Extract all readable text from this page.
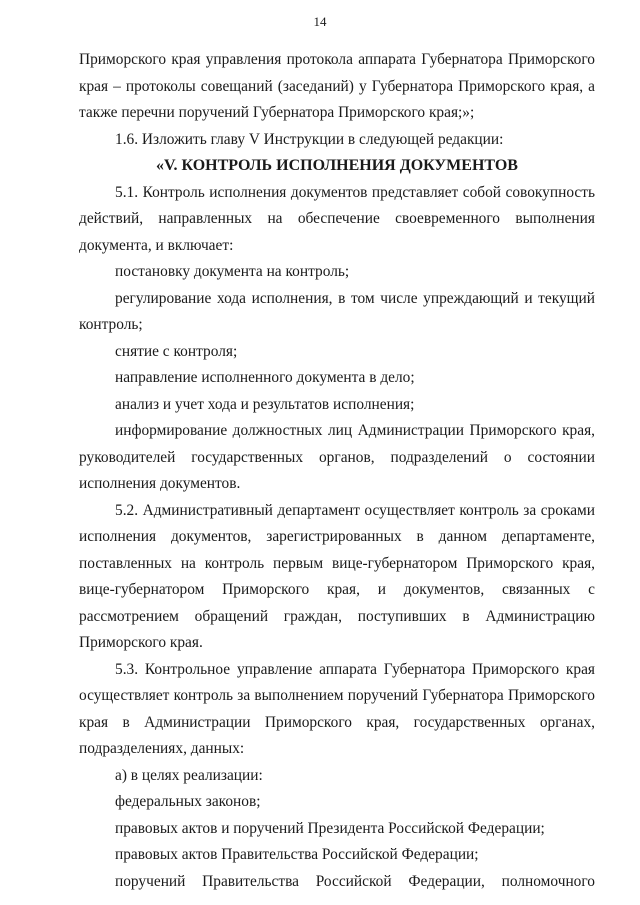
14

Приморского края управления протокола аппарата Губернатора Приморского края – протоколы совещаний (заседаний) у Губернатора Приморского края, а также перечни поручений Губернатора Приморского края;»;

1.6. Изложить главу V Инструкции в следующей редакции:

«V. КОНТРОЛЬ ИСПОЛНЕНИЯ ДОКУМЕНТОВ

5.1. Контроль исполнения документов представляет собой совокупность действий, направленных на обеспечение своевременного выполнения документа, и включает:

постановку документа на контроль;

регулирование хода исполнения, в том числе упреждающий и текущий контроль;

снятие с контроля;

направление исполненного документа в дело;

анализ и учет хода и результатов исполнения;

информирование должностных лиц Администрации Приморского края, руководителей государственных органов, подразделений о состоянии исполнения документов.

5.2. Административный департамент осуществляет контроль за сроками исполнения документов, зарегистрированных в данном департаменте, поставленных на контроль первым вице-губернатором Приморского края, вице-губернатором Приморского края, и документов, связанных с рассмотрением обращений граждан, поступивших в Администрацию Приморского края.

5.3. Контрольное управление аппарата Губернатора Приморского края осуществляет контроль за выполнением поручений Губернатора Приморского края в Администрации Приморского края, государственных органах, подразделениях, данных:

а) в целях реализации:

федеральных законов;

правовых актов и поручений Президента Российской Федерации;

правовых актов Правительства Российской Федерации;

поручений Правительства Российской Федерации, полномочного
